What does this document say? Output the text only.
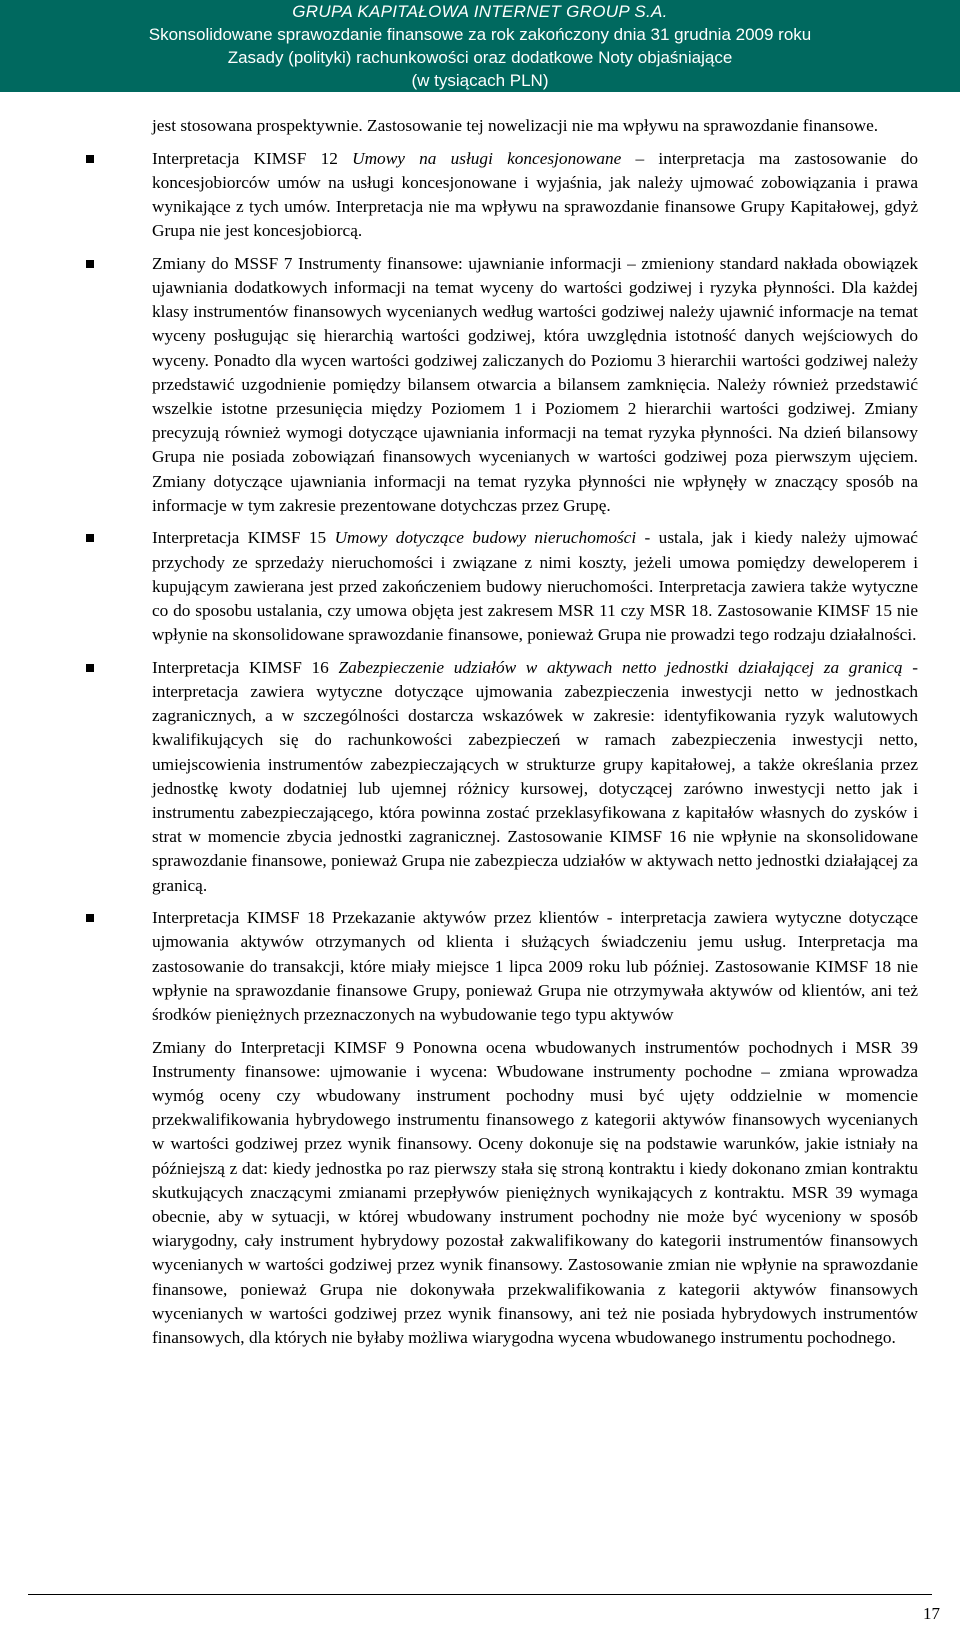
GRUPA KAPITAŁOWA INTERNET GROUP S.A.
Skonsolidowane sprawozdanie finansowe za rok zakończony dnia 31 grudnia 2009 roku
Zasady (polityki) rachunkowości oraz dodatkowe Noty objaśniające
(w tysiącach PLN)

jest stosowana prospektywnie. Zastosowanie tej nowelizacji nie ma wpływu na sprawozdanie finansowe.

Interpretacja KIMSF 12 Umowy na usługi koncesjonowane – interpretacja ma zastosowanie do koncesjobiorców umów na usługi koncesjonowane i wyjaśnia, jak należy ujmować zobowiązania i prawa wynikające z tych umów. Interpretacja nie ma wpływu na sprawozdanie finansowe Grupy Kapitałowej, gdyż Grupa nie jest koncesjobiorcą.
Zmiany do MSSF 7 Instrumenty finansowe: ujawnianie informacji – zmieniony standard nakłada obowiązek ujawniania dodatkowych informacji na temat wyceny do wartości godziwej i ryzyka płynności. Dla każdej klasy instrumentów finansowych wycenianych według wartości godziwej należy ujawnić informacje na temat wyceny posługując się hierarchią wartości godziwej, która uwzględnia istotność danych wejściowych do wyceny. Ponadto dla wycen wartości godziwej zaliczanych do Poziomu 3 hierarchii wartości godziwej należy przedstawić uzgodnienie pomiędzy bilansem otwarcia a bilansem zamknięcia. Należy również przedstawić wszelkie istotne przesunięcia między Poziomem 1 i Poziomem 2 hierarchii wartości godziwej. Zmiany precyzują również wymogi dotyczące ujawniania informacji na temat ryzyka płynności. Na dzień bilansowy Grupa nie posiada zobowiązań finansowych wycenianych w wartości godziwej poza pierwszym ujęciem. Zmiany dotyczące ujawniania informacji na temat ryzyka płynności nie wpłynęły w znaczący sposób na informacje w tym zakresie prezentowane dotychczas przez Grupę.
Interpretacja KIMSF 15 Umowy dotyczące budowy nieruchomości - ustala, jak i kiedy należy ujmować przychody ze sprzedaży nieruchomości i związane z nimi koszty, jeżeli umowa pomiędzy deweloperem i kupującym zawierana jest przed zakończeniem budowy nieruchomości. Interpretacja zawiera także wytyczne co do sposobu ustalania, czy umowa objęta jest zakresem MSR 11 czy MSR 18. Zastosowanie KIMSF 15 nie wpłynie na skonsolidowane sprawozdanie finansowe, ponieważ Grupa nie prowadzi tego rodzaju działalności.
Interpretacja KIMSF 16 Zabezpieczenie udziałów w aktywach netto jednostki działającej za granicą - interpretacja zawiera wytyczne dotyczące ujmowania zabezpieczenia inwestycji netto w jednostkach zagranicznych, a w szczególności dostarcza wskazówek w zakresie: identyfikowania ryzyk walutowych kwalifikujących się do rachunkowości zabezpieczeń w ramach zabezpieczenia inwestycji netto, umiejscowienia instrumentów zabezpieczających w strukturze grupy kapitałowej, a także określania przez jednostkę kwoty dodatniej lub ujemnej różnicy kursowej, dotyczącej zarówno inwestycji netto jak i instrumentu zabezpieczającego, która powinna zostać przeklasyfikowana z kapitałów własnych do zysków i strat w momencie zbycia jednostki zagranicznej. Zastosowanie KIMSF 16 nie wpłynie na skonsolidowane sprawozdanie finansowe, ponieważ Grupa nie zabezpiecza udziałów w aktywach netto jednostki działającej za granicą.
Interpretacja KIMSF 18 Przekazanie aktywów przez klientów - interpretacja zawiera wytyczne dotyczące ujmowania aktywów otrzymanych od klienta i służących świadczeniu jemu usług. Interpretacja ma zastosowanie do transakcji, które miały miejsce 1 lipca 2009 roku lub później. Zastosowanie KIMSF 18 nie wpłynie na sprawozdanie finansowe Grupy, ponieważ Grupa nie otrzymywała aktywów od klientów, ani też środków pieniężnych przeznaczonych na wybudowanie tego typu aktywów
Zmiany do Interpretacji KIMSF 9 Ponowna ocena wbudowanych instrumentów pochodnych i MSR 39 Instrumenty finansowe: ujmowanie i wycena: Wbudowane instrumenty pochodne – zmiana wprowadza wymóg oceny czy wbudowany instrument pochodny musi być ujęty oddzielnie w momencie przekwalifikowania hybrydowego instrumentu finansowego z kategorii aktywów finansowych wycenianych w wartości godziwej przez wynik finansowy. Oceny dokonuje się na podstawie warunków, jakie istniały na późniejszą z dat: kiedy jednostka po raz pierwszy stała się stroną kontraktu i kiedy dokonano zmian kontraktu skutkujących znaczącymi zmianami przepływów pieniężnych wynikających z kontraktu. MSR 39 wymaga obecnie, aby w sytuacji, w której wbudowany instrument pochodny nie może być wyceniony w sposób wiarygodny, cały instrument hybrydowy pozostał zakwalifikowany do kategorii instrumentów finansowych wycenianych w wartości godziwej przez wynik finansowy. Zastosowanie zmian nie wpłynie na sprawozdanie finansowe, ponieważ Grupa nie dokonywała przekwalifikowania z kategorii aktywów finansowych wycenianych w wartości godziwej przez wynik finansowy, ani też nie posiada hybrydowych instrumentów finansowych, dla których nie byłaby możliwa wiarygodna wycena wbudowanego instrumentu pochodnego.
17
